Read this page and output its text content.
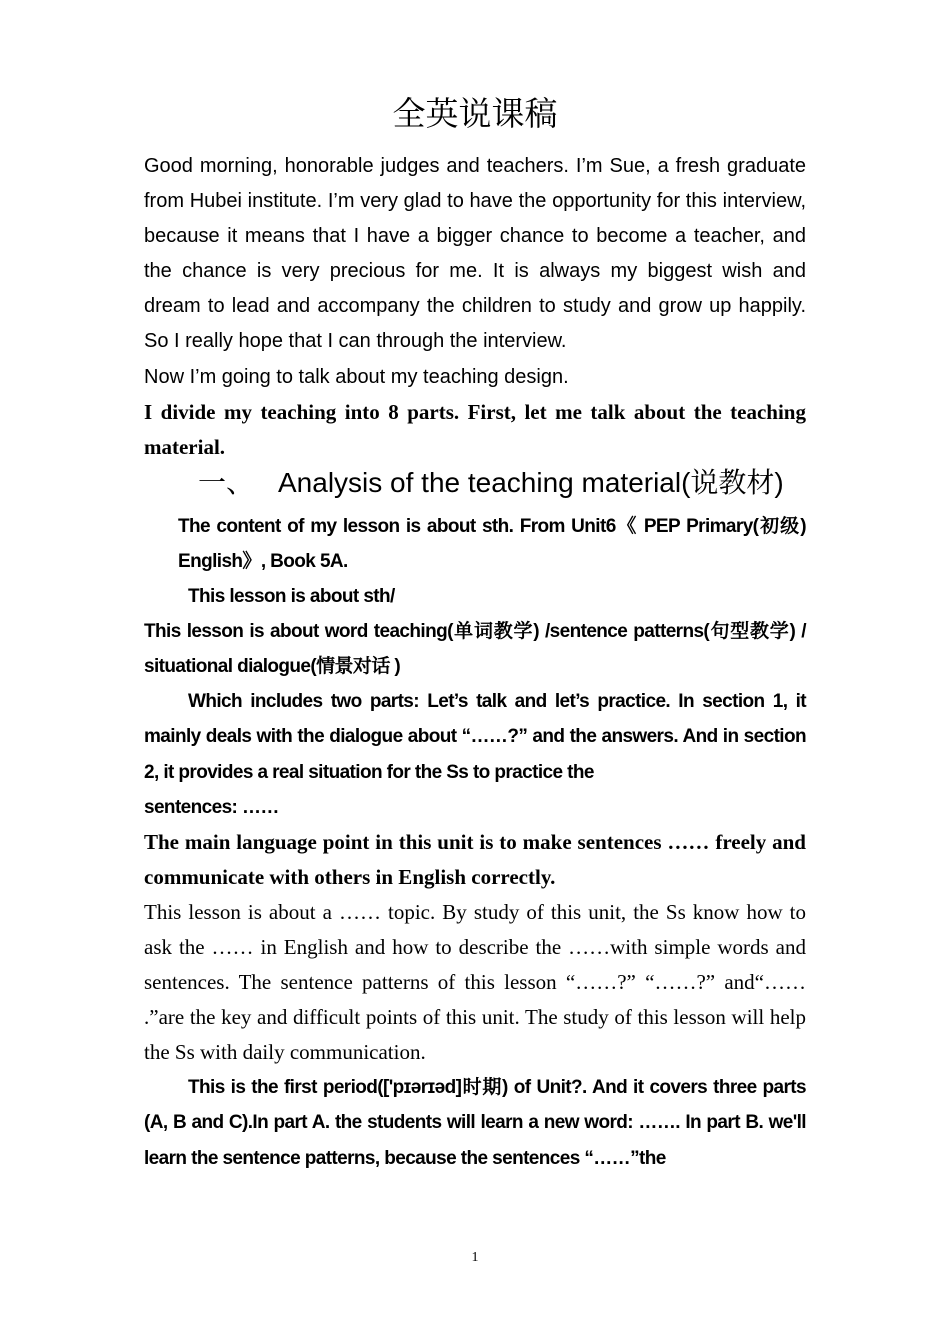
全英说课稿

Good morning, honorable judges and teachers. I’m Sue, a fresh graduate from Hubei institute. I’m very glad to have the opportunity for this interview, because it means that I have a bigger chance to become a teacher, and the chance is very precious for me. It is always my biggest wish and dream to lead and accompany the children to study and grow up happily. So I really hope that I can through the interview.

Now I’m going to talk about my teaching design.

I divide my teaching into 8 parts. First, let me talk about the teaching material.

一、 Analysis of the teaching material(说教材)

The content of my lesson is about sth. From Unit6《 PEP Primary(初级) English》, Book 5A.

This lesson is about sth/

This lesson is about word teaching(单词教学) /sentence patterns(句型教学) / situational dialogue(情景对话 )

Which includes two parts: Let’s talk and let’s practice. In section 1, it mainly deals with the dialogue about “……?” and the answers. And in section 2, it provides a real situation for the Ss to practice the

sentences: ……

The main language point in this unit is to make sentences …… freely and communicate with others in English correctly.

This lesson is about a …… topic. By study of this unit, the Ss know how to ask the …… in English and how to describe the ……with simple words and sentences. The sentence patterns of this lesson “……?” “……?” and“…… .”are the key and difficult points of this unit. The study of this lesson will help the Ss with daily communication.

This is the first period(['pɪərɪəd]时期) of Unit?. And it covers three parts (A, B and C).In part A. the students will learn a new word: ……. In part B. we'll learn the sentence patterns, because the sentences “……”the

1
